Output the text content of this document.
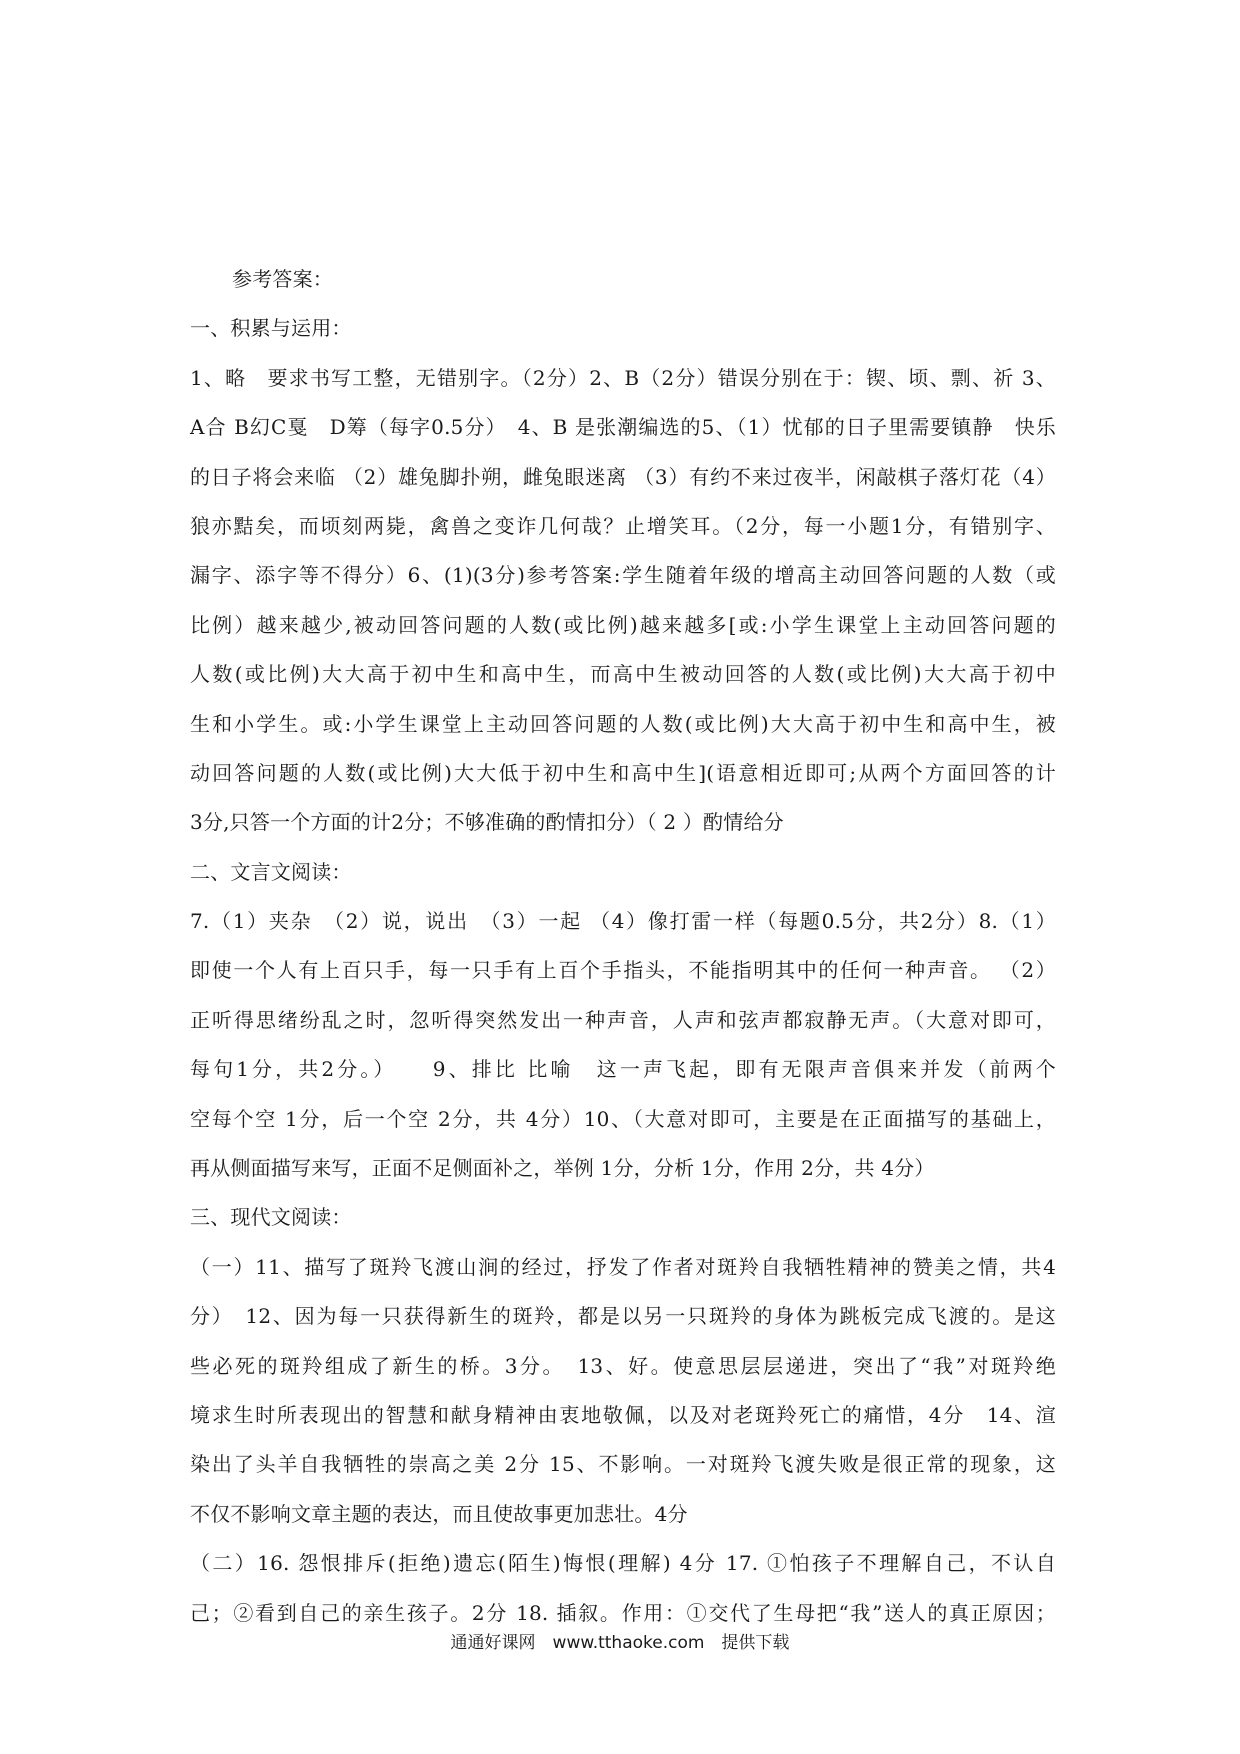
参考答案：
一、积累与运用：
1、略　要求书写工整，无错别字。（2分）2、B（2分）错误分别在于：锲、顷、剽、祈 3、
A合 B幻C戛　D筹（每字0.5分）　4、B 是张潮编选的5、（1）忧郁的日子里需要镇静　快乐
的日子将会来临 （2）雄兔脚扑朔，雌兔眼迷离 （3）有约不来过夜半，闲敲棋子落灯花（4）
狼亦黠矣，而顷刻两毙，禽兽之变诈几何哉？止增笑耳。（2分，每一小题1分，有错别字、
漏字、添字等不得分）6、(1)(3分)参考答案:学生随着年级的增高主动回答问题的人数（或
比例）越来越少,被动回答问题的人数(或比例)越来越多[或:小学生课堂上主动回答问题的
人数(或比例)大大高于初中生和高中生，而高中生被动回答的人数(或比例)大大高于初中
生和小学生。或:小学生课堂上主动回答问题的人数(或比例)大大高于初中生和高中生，被
动回答问题的人数(或比例)大大低于初中生和高中生](语意相近即可;从两个方面回答的计
3分,只答一个方面的计2分；不够准确的酌情扣分）（ 2 ）酌情给分
二、文言文阅读：
7.（1）夹杂　（2）说，说出　（3）一起 （4）像打雷一样（每题0.5分，共2分）8.（1）
即使一个人有上百只手，每一只手有上百个手指头，不能指明其中的任何一种声音。 （2）
正听得思绪纷乱之时，忽听得突然发出一种声音，人声和弦声都寂静无声。（大意对即可，
每句1分，共2分。）　　9、排比 比喻　这一声飞起，即有无限声音俱来并发（前两个
空每个空 1分，后一个空 2分，共 4分）10、（大意对即可，主要是在正面描写的基础上，
再从侧面描写来写，正面不足侧面补之，举例 1分，分析 1分，作用 2分，共 4分）
三、现代文阅读：
（一）11、描写了斑羚飞渡山涧的经过，抒发了作者对斑羚自我牺牲精神的赞美之情，共4
分）　12、因为每一只获得新生的斑羚，都是以另一只斑羚的身体为跳板完成飞渡的。是这
些必死的斑羚组成了新生的桥。3分。　13、好。使意思层层递进，突出了“我”对斑羚绝
境求生时所表现出的智慧和献身精神由衷地敬佩，以及对老斑羚死亡的痛惜，4分　14、渲
染出了头羊自我牺牲的崇高之美 2分 15、不影响。一对斑羚飞渡失败是很正常的现象，这
不仅不影响文章主题的表达，而且使故事更加悲壮。4分
（二）16. 怨恨排斥(拒绝)遗忘(陌生)悔恨(理解) 4分 17. ①怕孩子不理解自己，不认自
己；②看到自己的亲生孩子。2分 18. 插叙。作用：①交代了生母把“我”送人的真正原因；
通通好课网　www.tthaoke.com　提供下载
